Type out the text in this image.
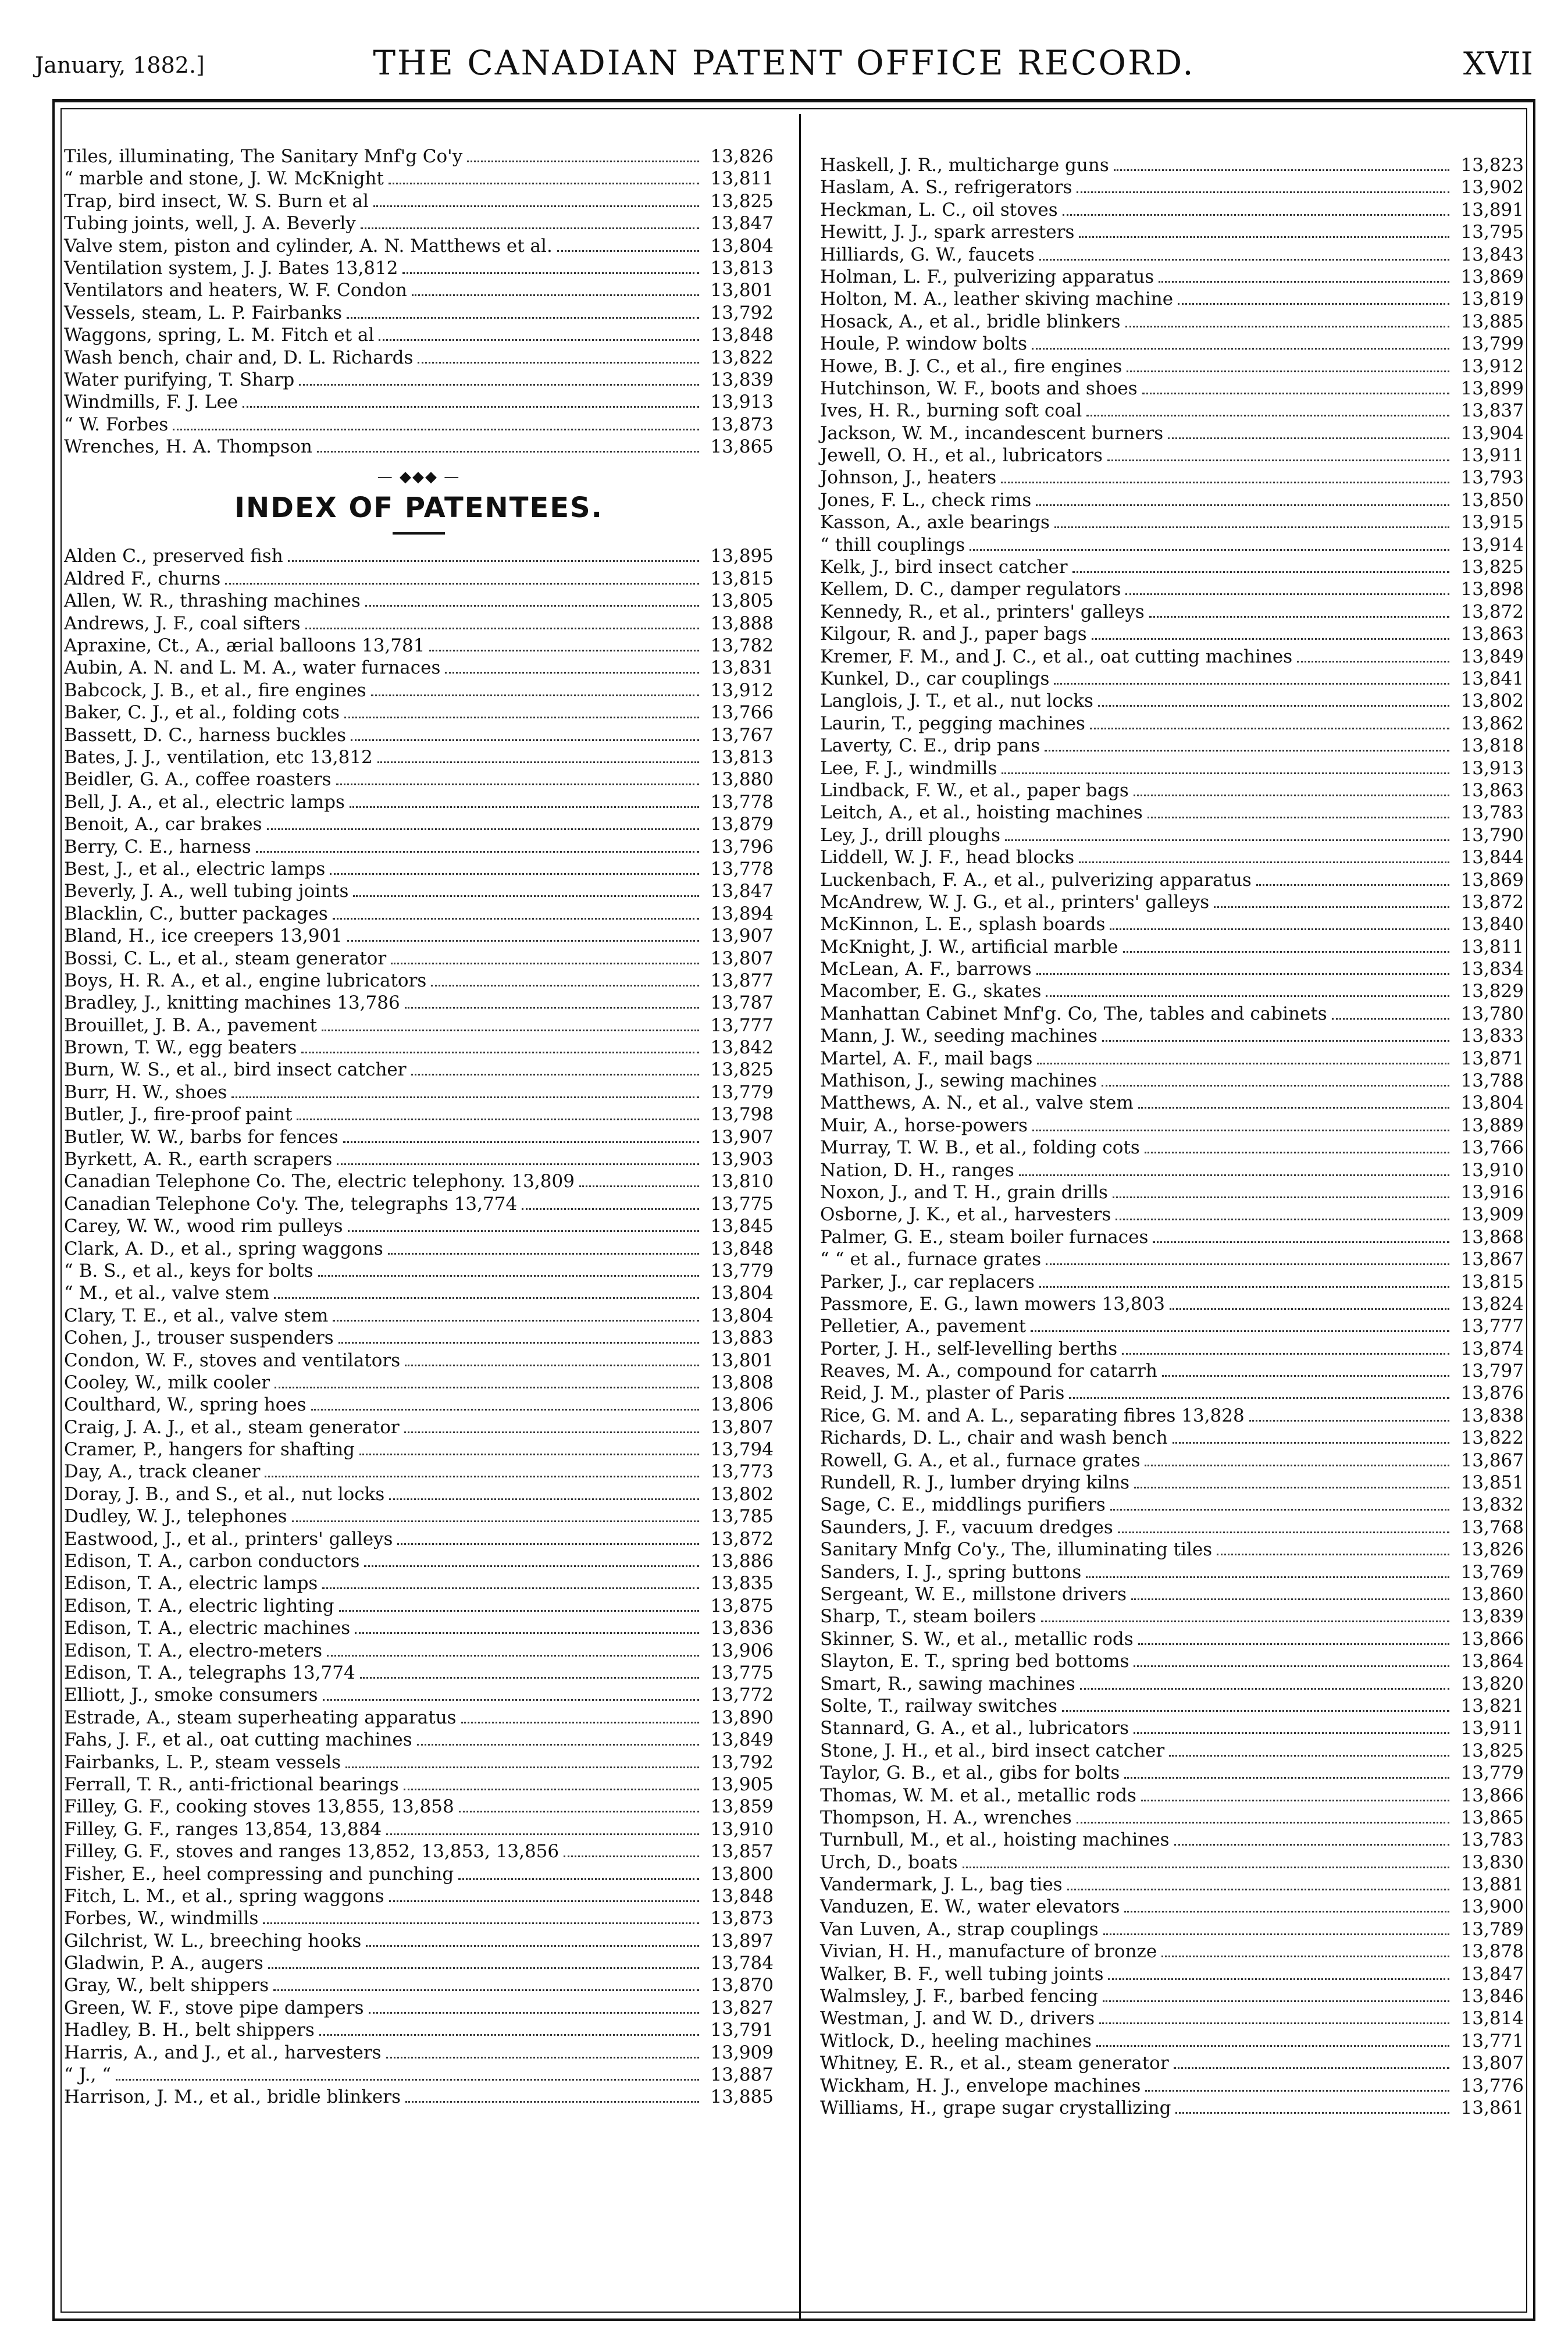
January, 1882.]	THE CANADIAN PATENT OFFICE RECORD.	XVII
Tiles, illuminating, The Sanitary Mnf'g Co'y	13,826
“ marble and stone, J. W. McKnight	13,811
Trap, bird insect, W. S. Burn et al	13,825
Tubing joints, well, J. A. Beverly	13,847
Valve stem, piston and cylinder, A. N. Matthews et al.	13,804
Ventilation system, J. J. Bates 13,812	13,813
Ventilators and heaters, W. F. Condon	13,801
Vessels, steam, L. P. Fairbanks	13,792
Waggons, spring, L. M. Fitch et al	13,848
Wash bench, chair and, D. L. Richards	13,822
Water purifying, T. Sharp	13,839
Windmills, F. J. Lee	13,913
“ W. Forbes	13,873
Wrenches, H. A. Thompson	13,865
— ◆◆◆ —
INDEX OF PATENTEES.
Alden C., preserved fish	13,895
Aldred F., churns	13,815
Allen, W. R., thrashing machines	13,805
Andrews, J. F., coal sifters	13,888
Apraxine, Ct., A., ærial balloons 13,781	13,782
Aubin, A. N. and L. M. A., water furnaces	13,831
Babcock, J. B., et al., fire engines	13,912
Baker, C. J., et al., folding cots	13,766
Bassett, D. C., harness buckles	13,767
Bates, J. J., ventilation, etc 13,812	13,813
Beidler, G. A., coffee roasters	13,880
Bell, J. A., et al., electric lamps	13,778
Benoit, A., car brakes	13,879
Berry, C. E., harness	13,796
Best, J., et al., electric lamps	13,778
Beverly, J. A., well tubing joints	13,847
Blacklin, C., butter packages	13,894
Bland, H., ice creepers 13,901	13,907
Bossi, C. L., et al., steam generator	13,807
Boys, H. R. A., et al., engine lubricators	13,877
Bradley, J., knitting machines 13,786	13,787
Brouillet, J. B. A., pavement	13,777
Brown, T. W., egg beaters	13,842
Burn, W. S., et al., bird insect catcher	13,825
Burr, H. W., shoes	13,779
Butler, J., fire-proof paint	13,798
Butler, W. W., barbs for fences	13,907
Byrkett, A. R., earth scrapers	13,903
Canadian Telephone Co. The, electric telephony. 13,809	13,810
Canadian Telephone Co'y. The, telegraphs 13,774	13,775
Carey, W. W., wood rim pulleys	13,845
Clark, A. D., et al., spring waggons	13,848
“ B. S., et al., keys for bolts	13,779
“ M., et al., valve stem	13,804
Clary, T. E., et al., valve stem	13,804
Cohen, J., trouser suspenders	13,883
Condon, W. F., stoves and ventilators	13,801
Cooley, W., milk cooler	13,808
Coulthard, W., spring hoes	13,806
Craig, J. A. J., et al., steam generator	13,807
Cramer, P., hangers for shafting	13,794
Day, A., track cleaner	13,773
Doray, J. B., and S., et al., nut locks	13,802
Dudley, W. J., telephones	13,785
Eastwood, J., et al., printers' galleys	13,872
Edison, T. A., carbon conductors	13,886
Edison, T. A., electric lamps	13,835
Edison, T. A., electric lighting	13,875
Edison, T. A., electric machines	13,836
Edison, T. A., electro-meters	13,906
Edison, T. A., telegraphs 13,774	13,775
Elliott, J., smoke consumers	13,772
Estrade, A., steam superheating apparatus	13,890
Fahs, J. F., et al., oat cutting machines	13,849
Fairbanks, L. P., steam vessels	13,792
Ferrall, T. R., anti-frictional bearings	13,905
Filley, G. F., cooking stoves 13,855, 13,858	13,859
Filley, G. F., ranges 13,854, 13,884	13,910
Filley, G. F., stoves and ranges 13,852, 13,853, 13,856	13,857
Fisher, E., heel compressing and punching	13,800
Fitch, L. M., et al., spring waggons	13,848
Forbes, W., windmills	13,873
Gilchrist, W. L., breeching hooks	13,897
Gladwin, P. A., augers	13,784
Gray, W., belt shippers	13,870
Green, W. F., stove pipe dampers	13,827
Hadley, B. H., belt shippers	13,791
Harris, A., and J., et al., harvesters	13,909
“ J., “	13,887
Harrison, J. M., et al., bridle blinkers	13,885
Haskell, J. R., multicharge guns	13,823
Haslam, A. S., refrigerators	13,902
Heckman, L. C., oil stoves	13,891
Hewitt, J. J., spark arresters	13,795
Hilliards, G. W., faucets	13,843
Holman, L. F., pulverizing apparatus	13,869
Holton, M. A., leather skiving machine	13,819
Hosack, A., et al., bridle blinkers	13,885
Houle, P. window bolts	13,799
Howe, B. J. C., et al., fire engines	13,912
Hutchinson, W. F., boots and shoes	13,899
Ives, H. R., burning soft coal	13,837
Jackson, W. M., incandescent burners	13,904
Jewell, O. H., et al., lubricators	13,911
Johnson, J., heaters	13,793
Jones, F. L., check rims	13,850
Kasson, A., axle bearings	13,915
“ thill couplings	13,914
Kelk, J., bird insect catcher	13,825
Kellem, D. C., damper regulators	13,898
Kennedy, R., et al., printers' galleys	13,872
Kilgour, R. and J., paper bags	13,863
Kremer, F. M., and J. C., et al., oat cutting machines	13,849
Kunkel, D., car couplings	13,841
Langlois, J. T., et al., nut locks	13,802
Laurin, T., pegging machines	13,862
Laverty, C. E., drip pans	13,818
Lee, F. J., windmills	13,913
Lindback, F. W., et al., paper bags	13,863
Leitch, A., et al., hoisting machines	13,783
Ley, J., drill ploughs	13,790
Liddell, W. J. F., head blocks	13,844
Luckenbach, F. A., et al., pulverizing apparatus	13,869
McAndrew, W. J. G., et al., printers' galleys	13,872
McKinnon, L. E., splash boards	13,840
McKnight, J. W., artificial marble	13,811
McLean, A. F., barrows	13,834
Macomber, E. G., skates	13,829
Manhattan Cabinet Mnf'g. Co, The, tables and cabinets	13,780
Mann, J. W., seeding machines	13,833
Martel, A. F., mail bags	13,871
Mathison, J., sewing machines	13,788
Matthews, A. N., et al., valve stem	13,804
Muir, A., horse-powers	13,889
Murray, T. W. B., et al., folding cots	13,766
Nation, D. H., ranges	13,910
Noxon, J., and T. H., grain drills	13,916
Osborne, J. K., et al., harvesters	13,909
Palmer, G. E., steam boiler furnaces	13,868
“ “ et al., furnace grates	13,867
Parker, J., car replacers	13,815
Passmore, E. G., lawn mowers 13,803	13,824
Pelletier, A., pavement	13,777
Porter, J. H., self-levelling berths	13,874
Reaves, M. A., compound for catarrh	13,797
Reid, J. M., plaster of Paris	13,876
Rice, G. M. and A. L., separating fibres 13,828	13,838
Richards, D. L., chair and wash bench	13,822
Rowell, G. A., et al., furnace grates	13,867
Rundell, R. J., lumber drying kilns	13,851
Sage, C. E., middlings purifiers	13,832
Saunders, J. F., vacuum dredges	13,768
Sanitary Mnfg Co'y., The, illuminating tiles	13,826
Sanders, I. J., spring buttons	13,769
Sergeant, W. E., millstone drivers	13,860
Sharp, T., steam boilers	13,839
Skinner, S. W., et al., metallic rods	13,866
Slayton, E. T., spring bed bottoms	13,864
Smart, R., sawing machines	13,820
Solte, T., railway switches	13,821
Stannard, G. A., et al., lubricators	13,911
Stone, J. H., et al., bird insect catcher	13,825
Taylor, G. B., et al., gibs for bolts	13,779
Thomas, W. M. et al., metallic rods	13,866
Thompson, H. A., wrenches	13,865
Turnbull, M., et al., hoisting machines	13,783
Urch, D., boats	13,830
Vandermark, J. L., bag ties	13,881
Vanduzen, E. W., water elevators	13,900
Van Luven, A., strap couplings	13,789
Vivian, H. H., manufacture of bronze	13,878
Walker, B. F., well tubing joints	13,847
Walmsley, J. F., barbed fencing	13,846
Westman, J. and W. D., drivers	13,814
Witlock, D., heeling machines	13,771
Whitney, E. R., et al., steam generator	13,807
Wickham, H. J., envelope machines	13,776
Williams, H., grape sugar crystallizing	13,861
